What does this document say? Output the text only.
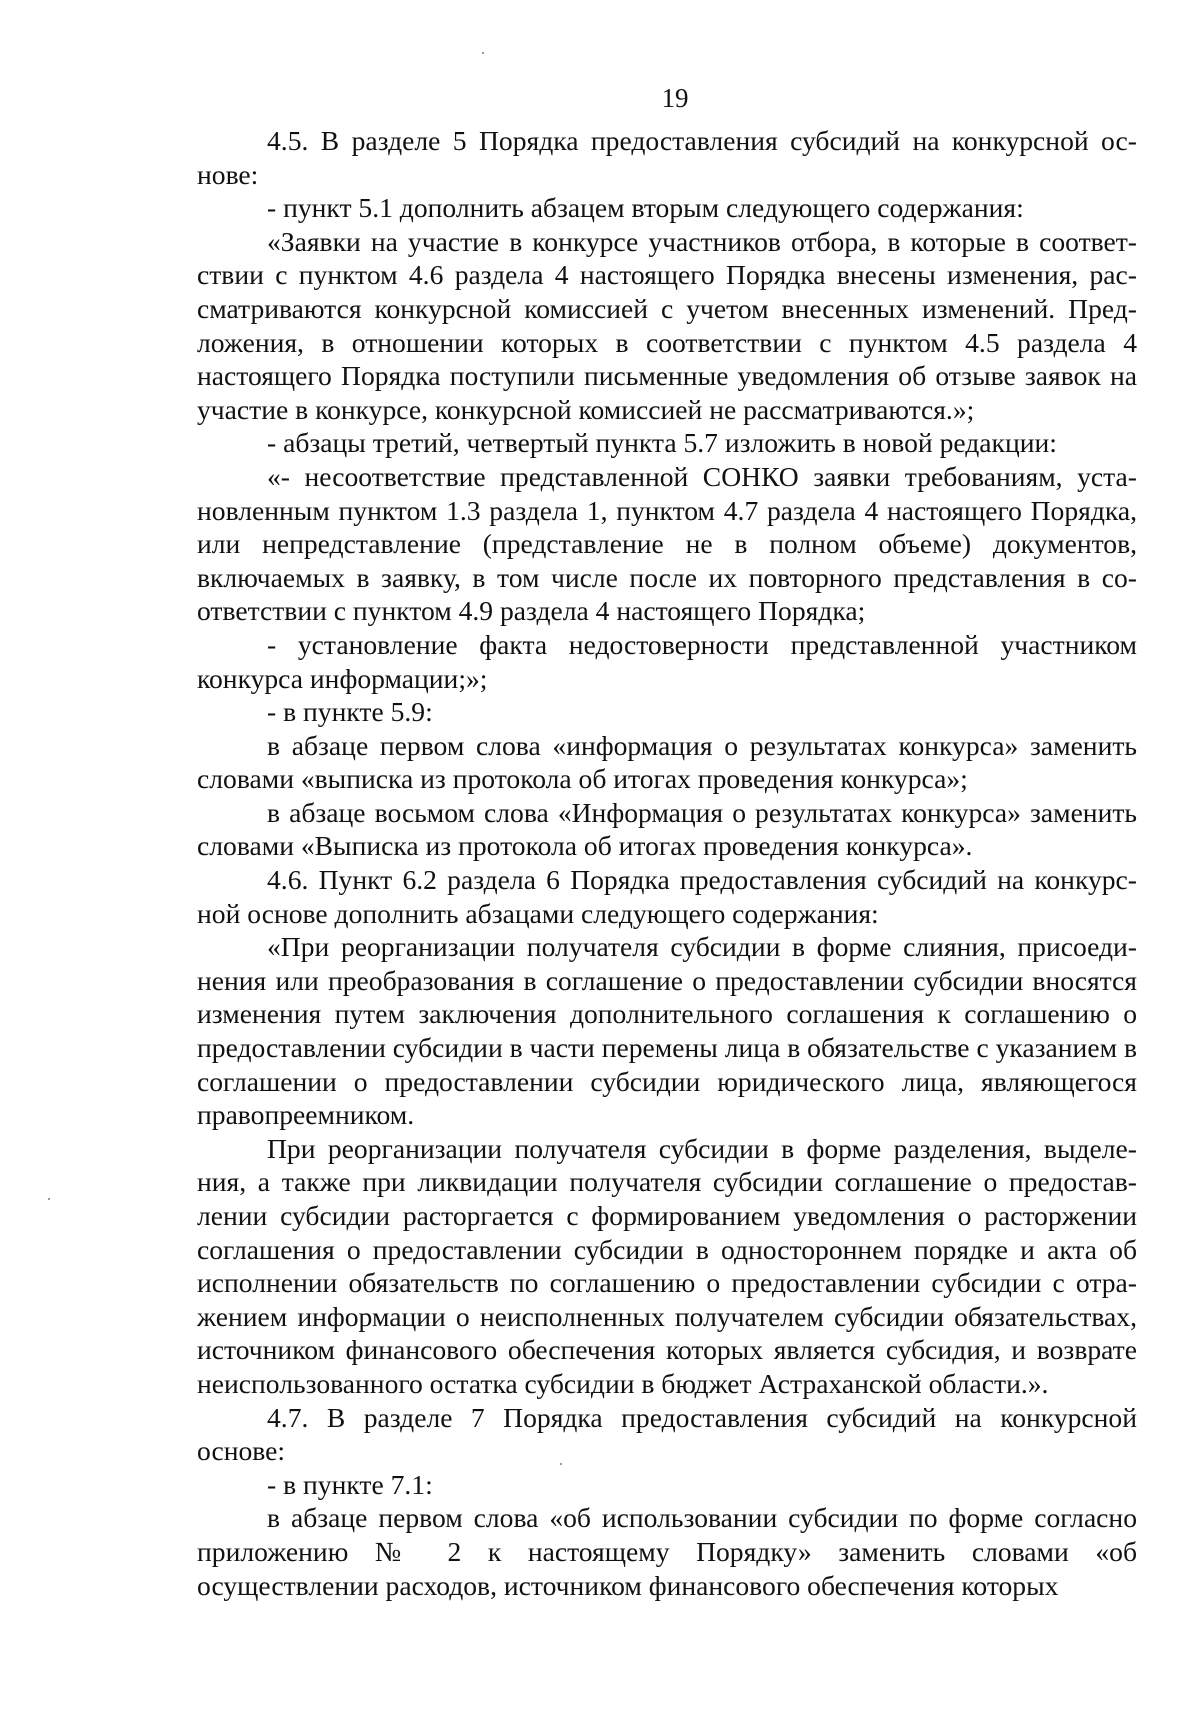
19

4.5. В разделе 5 Порядка предоставления субсидий на конкурсной основе:

- пункт 5.1 дополнить абзацем вторым следующего содержания:

«Заявки на участие в конкурсе участников отбора, в которые в соответствии с пунктом 4.6 раздела 4 настоящего Порядка внесены изменения, рассматриваются конкурсной комиссией с учетом внесенных изменений. Предложения, в отношении которых в соответствии с пунктом 4.5 раздела 4 настоящего Порядка поступили письменные уведомления об отзыве заявок на участие в конкурсе, конкурсной комиссией не рассматриваются.»;

- абзацы третий, четвертый пункта 5.7 изложить в новой редакции:

«- несоответствие представленной СОНКО заявки требованиям, установленным пунктом 1.3 раздела 1, пунктом 4.7 раздела 4 настоящего Порядка, или непредставление (представление не в полном объеме) документов, включаемых в заявку, в том числе после их повторного представления в соответствии с пунктом 4.9 раздела 4 настоящего Порядка;

- установление факта недостоверности представленной участником конкурса информации;»;

- в пункте 5.9:

в абзаце первом слова «информация о результатах конкурса» заменить словами «выписка из протокола об итогах проведения конкурса»;

в абзаце восьмом слова «Информация о результатах конкурса» заменить словами «Выписка из протокола об итогах проведения конкурса».

4.6. Пункт 6.2 раздела 6 Порядка предоставления субсидий на конкурсной основе дополнить абзацами следующего содержания:

«При реорганизации получателя субсидии в форме слияния, присоединения или преобразования в соглашение о предоставлении субсидии вносятся изменения путем заключения дополнительного соглашения к соглашению о предоставлении субсидии в части перемены лица в обязательстве с указанием в соглашении о предоставлении субсидии юридического лица, являющегося правопреемником.

При реорганизации получателя субсидии в форме разделения, выделения, а также при ликвидации получателя субсидии соглашение о предоставлении субсидии расторгается с формированием уведомления о расторжении соглашения о предоставлении субсидии в одностороннем порядке и акта об исполнении обязательств по соглашению о предоставлении субсидии с отражением информации о неисполненных получателем субсидии обязательствах, источником финансового обеспечения которых является субсидия, и возврате неиспользованного остатка субсидии в бюджет Астраханской области.».

4.7. В разделе 7 Порядка предоставления субсидий на конкурсной основе:

- в пункте 7.1:

в абзаце первом слова «об использовании субсидии по форме согласно приложению № 2 к настоящему Порядку» заменить словами «об осуществлении расходов, источником финансового обеспечения которых
